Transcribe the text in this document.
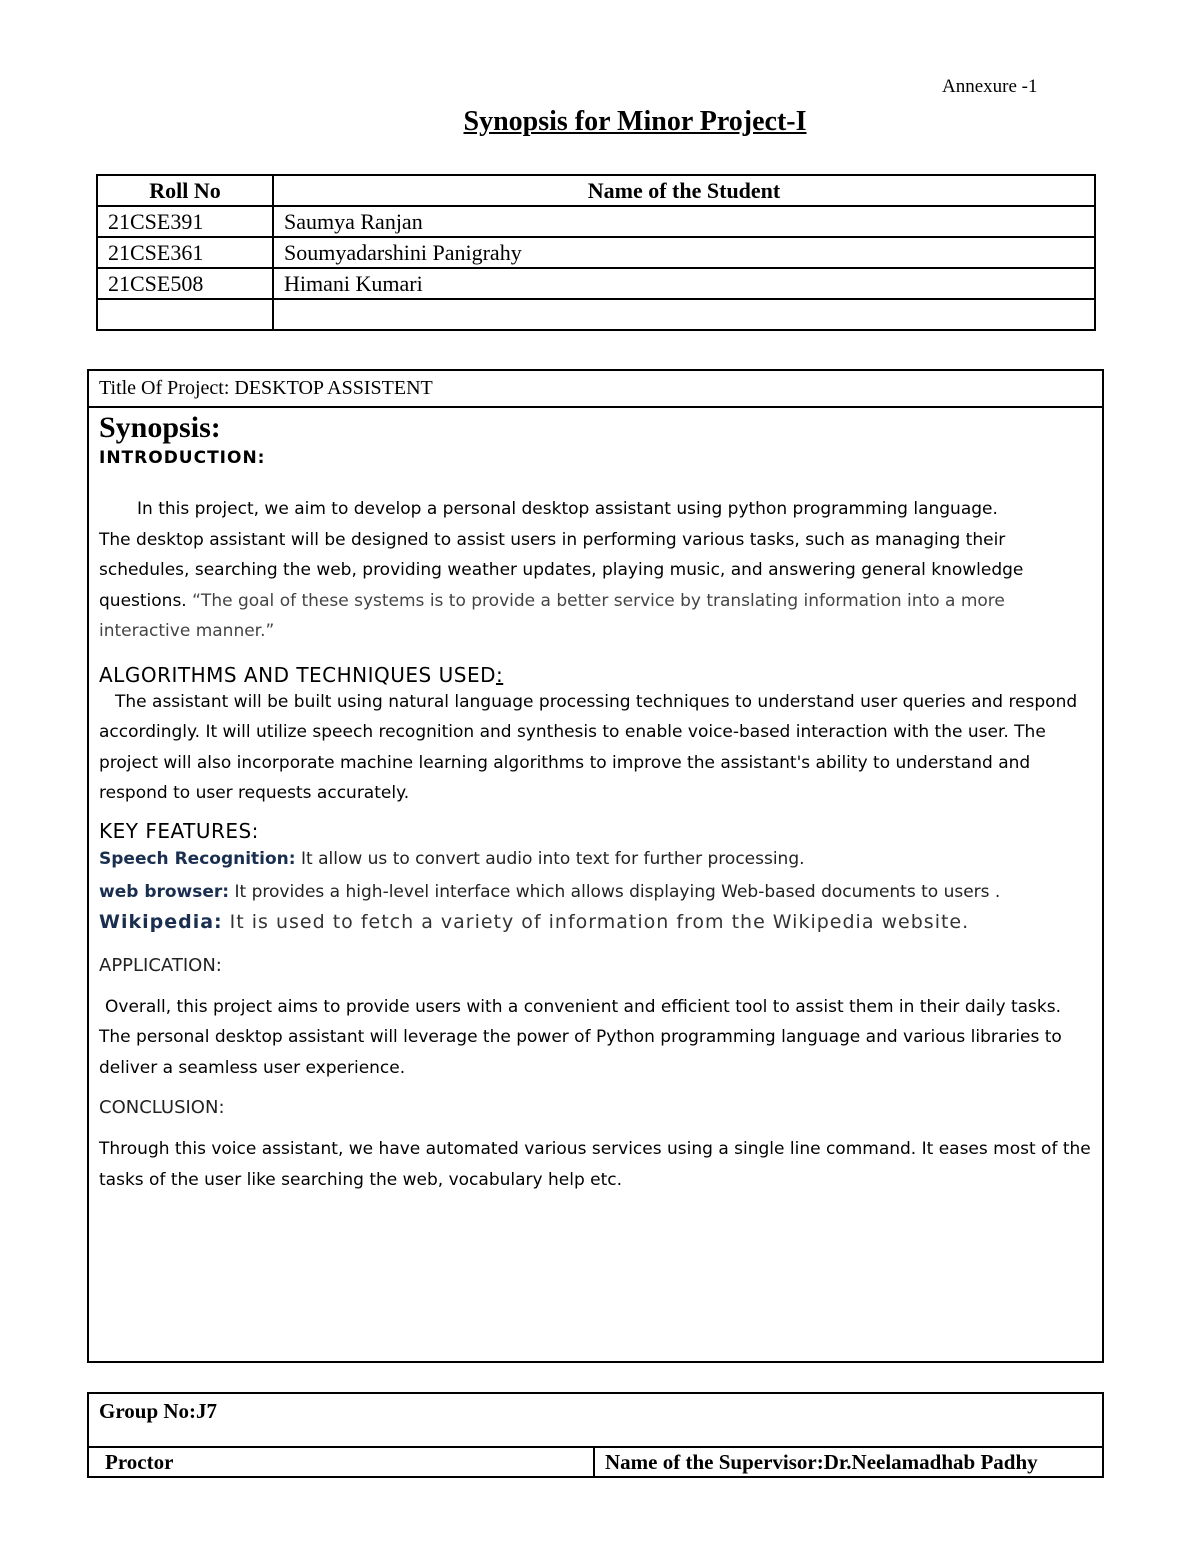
Annexure -1
Synopsis for Minor Project-I
Roll No	Name of the Student
21CSE391	Saumya Ranjan
21CSE361	Soumyadarshini Panigrahy
21CSE508	Himani Kumari

Title Of Project: DESKTOP ASSISTENT
Synopsis:
INTRODUCTION:

In this project, we aim to develop a personal desktop assistant using python programming language.
The desktop assistant will be designed to assist users in performing various tasks, such as managing their schedules, searching the web, providing weather updates, playing music, and answering general knowledge questions. “The goal of these systems is to provide a better service by translating information into a more interactive manner.”

ALGORITHMS AND TECHNIQUES USED:

The assistant will be built using natural language processing techniques to understand user queries and respond accordingly. It will utilize speech recognition and synthesis to enable voice-based interaction with the user. The project will also incorporate machine learning algorithms to improve the assistant's ability to understand and respond to user requests accurately.

KEY FEATURES:
Speech Recognition: It allow us to convert audio into text for further processing.
web browser: It provides a high-level interface which allows displaying Web-based documents to users .
Wikipedia: It is used to fetch a variety of information from the Wikipedia website.
APPLICATION:

Overall, this project aims to provide users with a convenient and efficient tool to assist them in their daily tasks. The personal desktop assistant will leverage the power of Python programming language and various libraries to deliver a seamless user experience.

CONCLUSION:

Through this voice assistant, we have automated various services using a single line command. It eases most of the tasks of the user like searching the web, vocabulary help etc.

Group No:J7
Proctor	Name of the Supervisor:Dr.Neelamadhab Padhy
